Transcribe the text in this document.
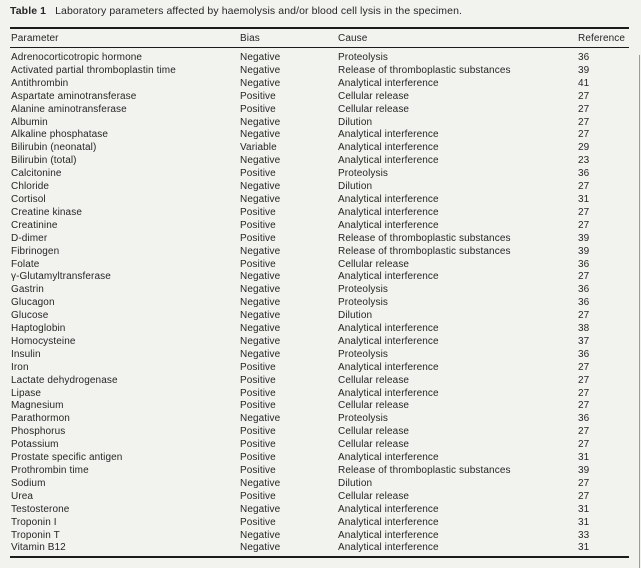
Table 1 Laboratory parameters affected by haemolysis and/or blood cell lysis in the specimen.
Parameter	Bias	Cause	Reference
Adrenocorticotropic hormone	Negative	Proteolysis	36
Activated partial thromboplastin time	Negative	Release of thromboplastic substances	39
Antithrombin	Negative	Analytical interference	41
Aspartate aminotransferase	Positive	Cellular release	27
Alanine aminotransferase	Positive	Cellular release	27
Albumin	Negative	Dilution	27
Alkaline phosphatase	Negative	Analytical interference	27
Bilirubin (neonatal)	Variable	Analytical interference	29
Bilirubin (total)	Negative	Analytical interference	23
Calcitonine	Positive	Proteolysis	36
Chloride	Negative	Dilution	27
Cortisol	Negative	Analytical interference	31
Creatine kinase	Positive	Analytical interference	27
Creatinine	Positive	Analytical interference	27
D-dimer	Positive	Release of thromboplastic substances	39
Fibrinogen	Negative	Release of thromboplastic substances	39
Folate	Positive	Cellular release	36
γ-Glutamyltransferase	Negative	Analytical interference	27
Gastrin	Negative	Proteolysis	36
Glucagon	Negative	Proteolysis	36
Glucose	Negative	Dilution	27
Haptoglobin	Negative	Analytical interference	38
Homocysteine	Negative	Analytical interference	37
Insulin	Negative	Proteolysis	36
Iron	Positive	Analytical interference	27
Lactate dehydrogenase	Positive	Cellular release	27
Lipase	Positive	Analytical interference	27
Magnesium	Positive	Cellular release	27
Parathormon	Negative	Proteolysis	36
Phosphorus	Positive	Cellular release	27
Potassium	Positive	Cellular release	27
Prostate specific antigen	Positive	Analytical interference	31
Prothrombin time	Positive	Release of thromboplastic substances	39
Sodium	Negative	Dilution	27
Urea	Positive	Cellular release	27
Testosterone	Negative	Analytical interference	31
Troponin I	Positive	Analytical interference	31
Troponin T	Negative	Analytical interference	33
Vitamin B12	Negative	Analytical interference	31
